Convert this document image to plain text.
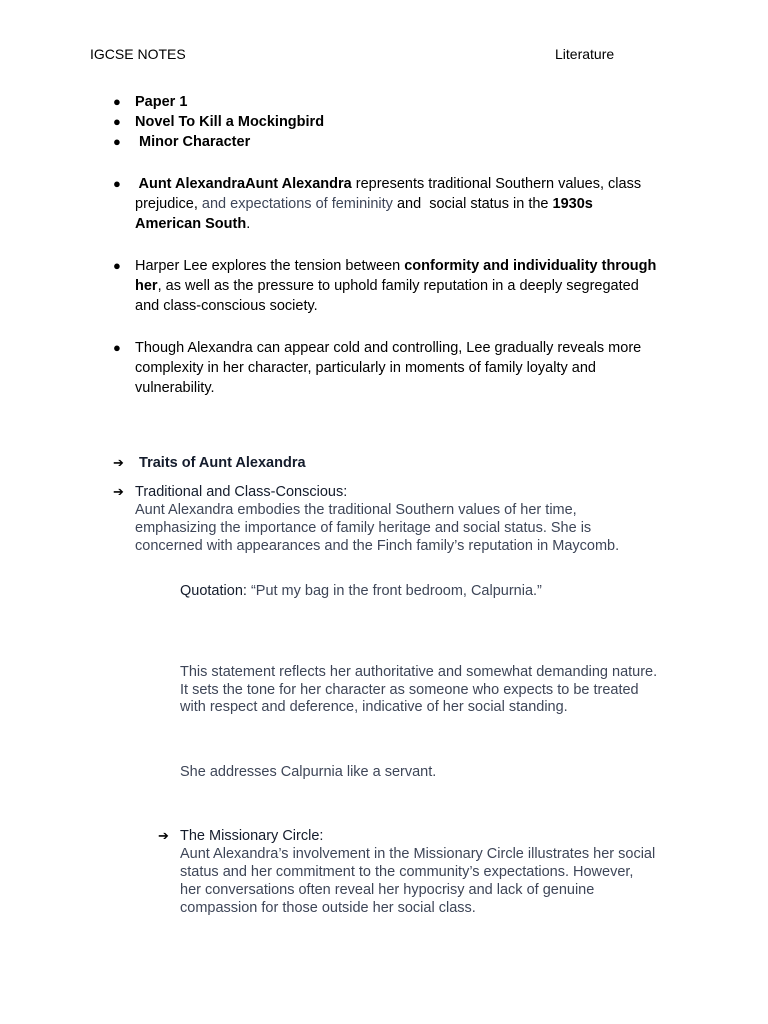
IGCSE NOTES	Literature
● Paper 1
● Novel To Kill a Mockingbird
● Minor Character
● Aunt AlexandraAunt Alexandra represents traditional Southern values, class
prejudice, and expectations of femininity and  social status in the 1930s
American South.
● Harper Lee explores the tension between conformity and individuality through
her, as well as the pressure to uphold family reputation in a deeply segregated
and class-conscious society.
● Though Alexandra can appear cold and controlling, Lee gradually reveals more
complexity in her character, particularly in moments of family loyalty and
vulnerability.
➔ Traits of Aunt Alexandra
➔ Traditional and Class-Conscious:
Aunt Alexandra embodies the traditional Southern values of her time,
emphasizing the importance of family heritage and social status. She is
concerned with appearances and the Finch family’s reputation in Maycomb.
Quotation: “Put my bag in the front bedroom, Calpurnia.”
This statement reflects her authoritative and somewhat demanding nature.
It sets the tone for her character as someone who expects to be treated
with respect and deference, indicative of her social standing.
She addresses Calpurnia like a servant.
➔ The Missionary Circle:
Aunt Alexandra’s involvement in the Missionary Circle illustrates her social
status and her commitment to the community’s expectations. However,
her conversations often reveal her hypocrisy and lack of genuine
compassion for those outside her social class.
